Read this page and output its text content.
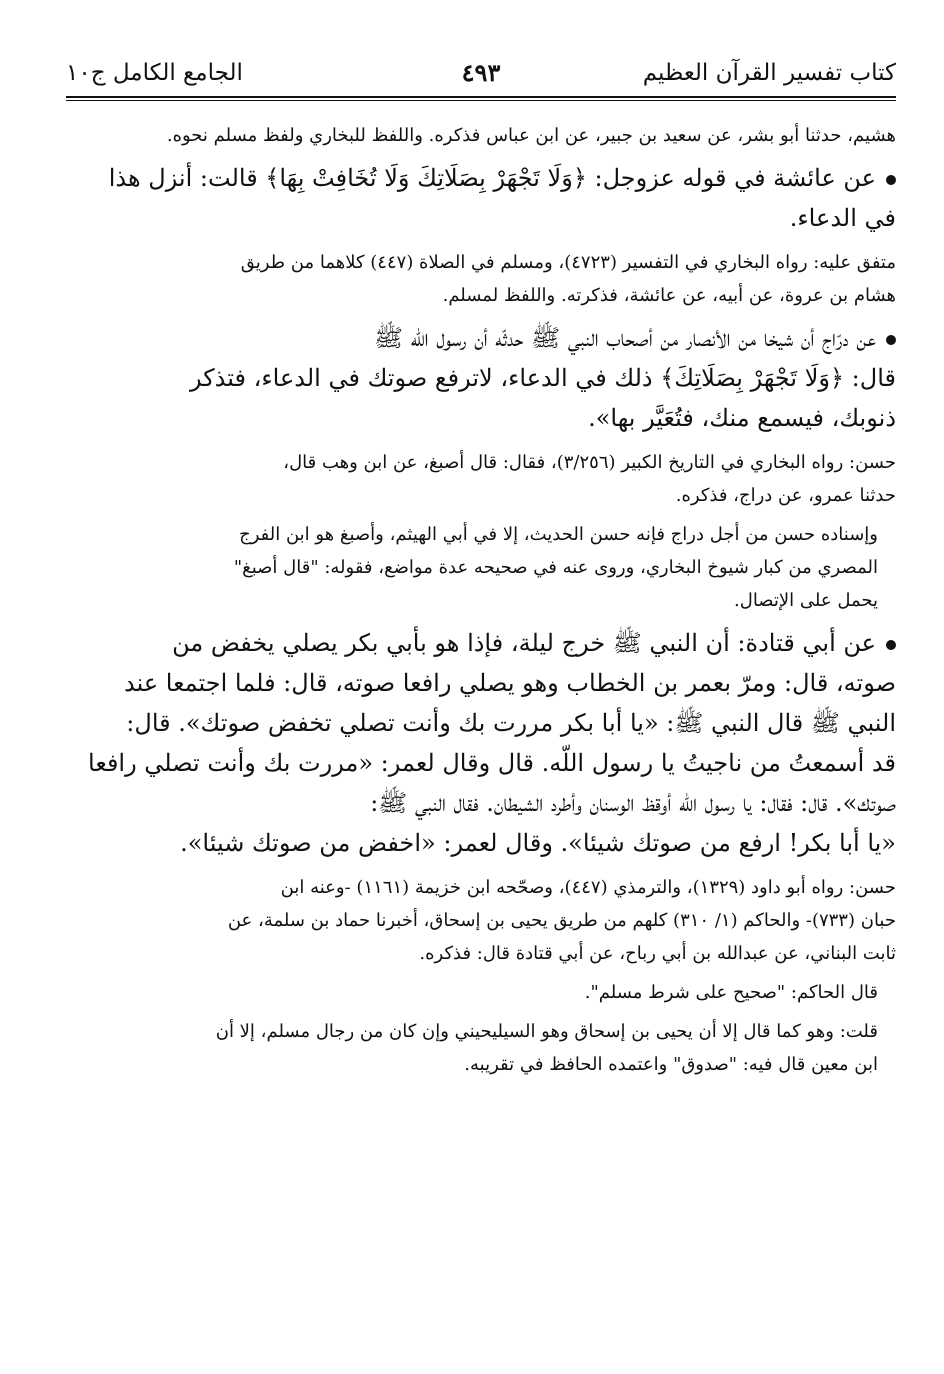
كتاب تفسير القرآن العظيم
٤٩٣
الجامع الكامل ج١٠
هشيم، حدثنا أبو بشر، عن سعيد بن جبير، عن ابن عباس فذكره. واللفظ للبخاري ولفظ مسلم نحوه.
عن عائشة في قوله عزوجل: ﴿وَلَا تَجْهَرْ بِصَلَاتِكَ وَلَا تُخَافِتْ بِهَا﴾ قالت: أنزل هذا
في الدعاء.
متفق عليه: رواه البخاري في التفسير (٤٧٢٣)، ومسلم في الصلاة (٤٤٧) كلاهما من طريق
هشام بن عروة، عن أبيه، عن عائشة، فذكرته. واللفظ لمسلم.
عن درّاج أن شيخا من الأنصار من أصحاب النبي ﷺ حدثّه أن رسول الله ﷺ
قال: ﴿وَلَا تَجْهَرْ بِصَلَاتِكَ﴾ ذلك في الدعاء، لاترفع صوتك في الدعاء، فتذكر
ذنوبك، فيسمع منك، فتُعَيَّر بها».
حسن: رواه البخاري في التاريخ الكبير (٣/٢٥٦)، فقال: قال أصبغ، عن ابن وهب قال،
حدثنا عمرو، عن دراج، فذكره.
وإسناده حسن من أجل دراج فإنه حسن الحديث، إلا في أبي الهيثم، وأصبغ هو ابن الفرج
المصري من كبار شيوخ البخاري، وروى عنه في صحيحه عدة مواضع، فقوله: "قال أصبغ"
يحمل على الإتصال.
عن أبي قتادة: أن النبي ﷺ خرج ليلة، فإذا هو بأبي بكر يصلي يخفض من
صوته، قال: ومرّ بعمر بن الخطاب وهو يصلي رافعا صوته، قال: فلما اجتمعا عند
النبي ﷺ قال النبي ﷺ: «يا أبا بكر مررت بك وأنت تصلي تخفض صوتك». قال:
قد أسمعتُ من ناجيتُ يا رسول اللّه. قال وقال لعمر: «مررت بك وأنت تصلي رافعا
صوتك». قال: فقال: يا رسول الله أوقظ الوسنان وأطرد الشيطان. فقال النبي ﷺ:
«يا أبا بكر! ارفع من صوتك شيئا». وقال لعمر: «اخفض من صوتك شيئا».
حسن: رواه أبو داود (١٣٢٩)، والترمذي (٤٤٧)، وصحّحه ابن خزيمة (١١٦١) -وعنه ابن
حبان (٧٣٣)- والحاكم (١/ ٣١٠) كلهم من طريق يحيى بن إسحاق، أخبرنا حماد بن سلمة، عن
ثابت البناني، عن عبدالله بن أبي رباح، عن أبي قتادة قال: فذكره.
قال الحاكم: "صحيح على شرط مسلم".
قلت: وهو كما قال إلا أن يحيى بن إسحاق وهو السيليحيني وإن كان من رجال مسلم، إلا أن
ابن معين قال فيه: "صدوق" واعتمده الحافظ في تقريبه.
